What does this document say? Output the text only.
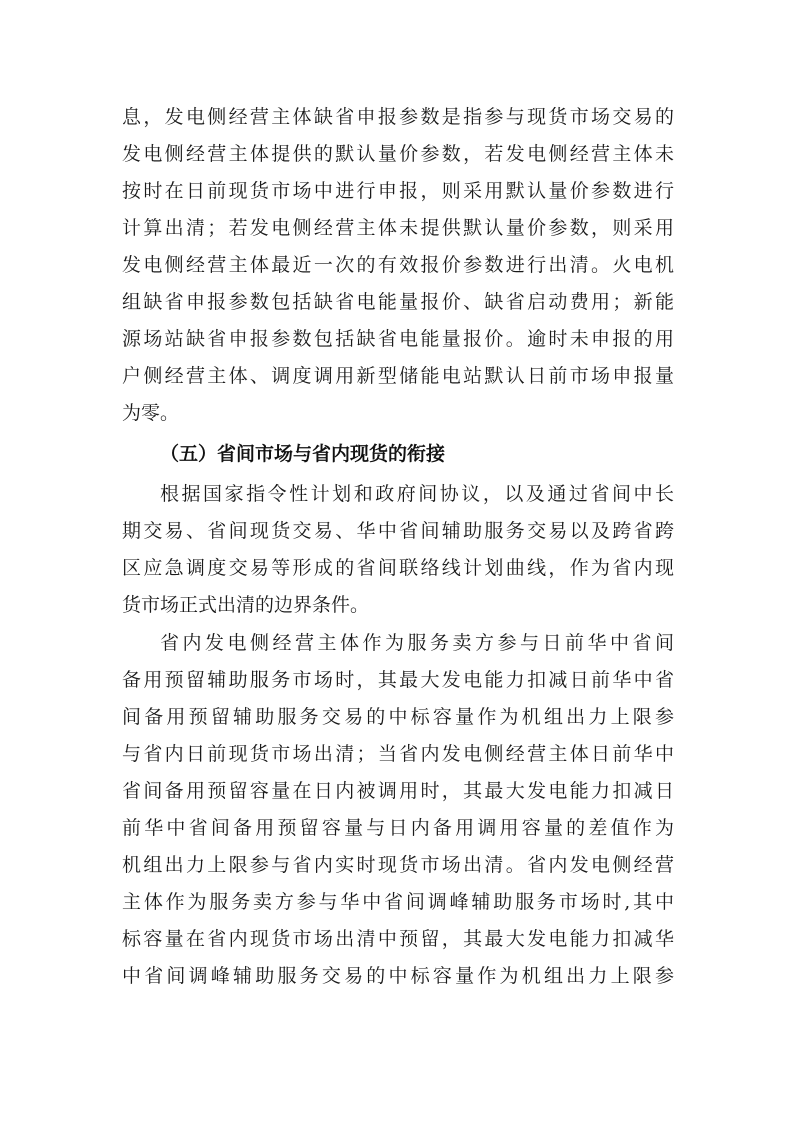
息，发电侧经营主体缺省申报参数是指参与现货市场交易的
发电侧经营主体提供的默认量价参数，若发电侧经营主体未
按时在日前现货市场中进行申报，则采用默认量价参数进行
计算出清；若发电侧经营主体未提供默认量价参数，则采用
发电侧经营主体最近一次的有效报价参数进行出清。火电机
组缺省申报参数包括缺省电能量报价、缺省启动费用；新能
源场站缺省申报参数包括缺省电能量报价。逾时未申报的用
户侧经营主体、调度调用新型储能电站默认日前市场申报量
为零。
（五）省间市场与省内现货的衔接
根据国家指令性计划和政府间协议，以及通过省间中长
期交易、省间现货交易、华中省间辅助服务交易以及跨省跨
区应急调度交易等形成的省间联络线计划曲线，作为省内现
货市场正式出清的边界条件。
省内发电侧经营主体作为服务卖方参与日前华中省间
备用预留辅助服务市场时，其最大发电能力扣减日前华中省
间备用预留辅助服务交易的中标容量作为机组出力上限参
与省内日前现货市场出清；当省内发电侧经营主体日前华中
省间备用预留容量在日内被调用时，其最大发电能力扣减日
前华中省间备用预留容量与日内备用调用容量的差值作为
机组出力上限参与省内实时现货市场出清。省内发电侧经营
主体作为服务卖方参与华中省间调峰辅助服务市场时,其中
标容量在省内现货市场出清中预留，其最大发电能力扣减华
中省间调峰辅助服务交易的中标容量作为机组出力上限参
